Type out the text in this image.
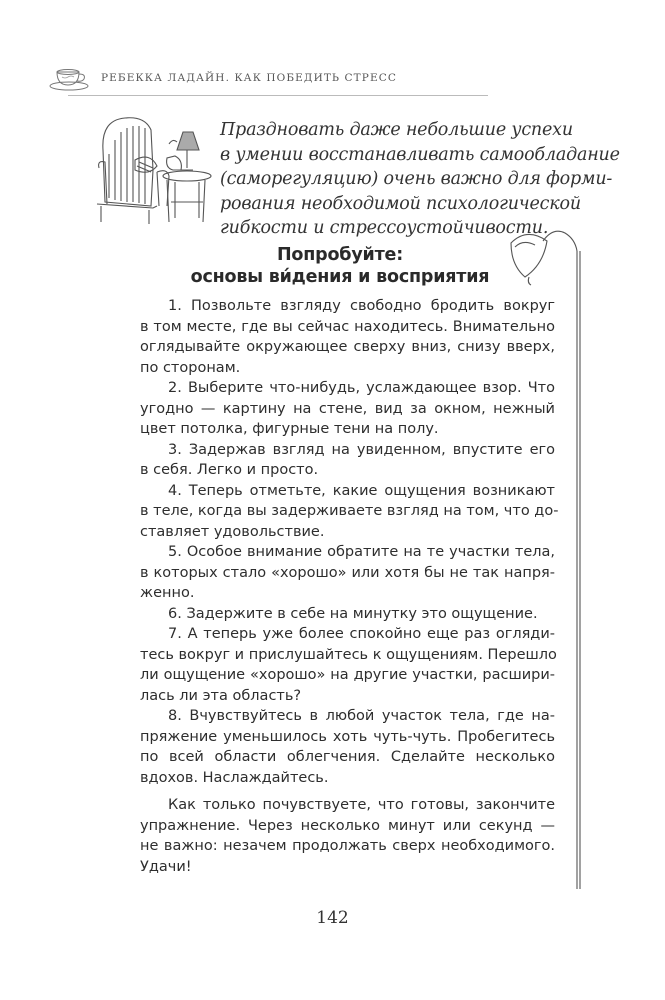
РЕБЕККА ЛАДАЙН. КАК ПОБЕДИТЬ СТРЕСС

Праздновать даже небольшие успехи
в умении восстанавливать самообладание
(саморегуляцию) очень важно для форми-
рования необходимой психологической
гибкости и стрессоустойчивости.

Попробуйте:
основы ви́дения и восприятия
1. Позвольте взгляду свободно бродить вокруг
в том месте, где вы сейчас находитесь. Внимательно
оглядывайте окружающее сверху вниз, снизу вверх,
по сторонам.
2. Выберите что-нибудь, услаждающее взор. Что
угодно — картину на стене, вид за окном, нежный
цвет потолка, фигурные тени на полу.
3. Задержав взгляд на увиденном, впустите его
в себя. Легко и просто.
4. Теперь отметьте, какие ощущения возникают
в теле, когда вы задерживаете взгляд на том, что до-
ставляет удовольствие.
5. Особое внимание обратите на те участки тела,
в которых стало «хорошо» или хотя бы не так напря-
женно.
6. Задержите в себе на минутку это ощущение.
7. А теперь уже более спокойно еще раз огляди-
тесь вокруг и прислушайтесь к ощущениям. Перешло
ли ощущение «хорошо» на другие участки, расшири-
лась ли эта область?
8. Вчувствуйтесь в любой участок тела, где на-
пряжение уменьшилось хоть чуть-чуть. Пробегитесь
по всей области облегчения. Сделайте несколько
вдохов. Наслаждайтесь.
Как только почувствуете, что готовы, закончите
упражнение. Через несколько минут или секунд —
не важно: незачем продолжать сверх необходимого.
Удачи!
142
